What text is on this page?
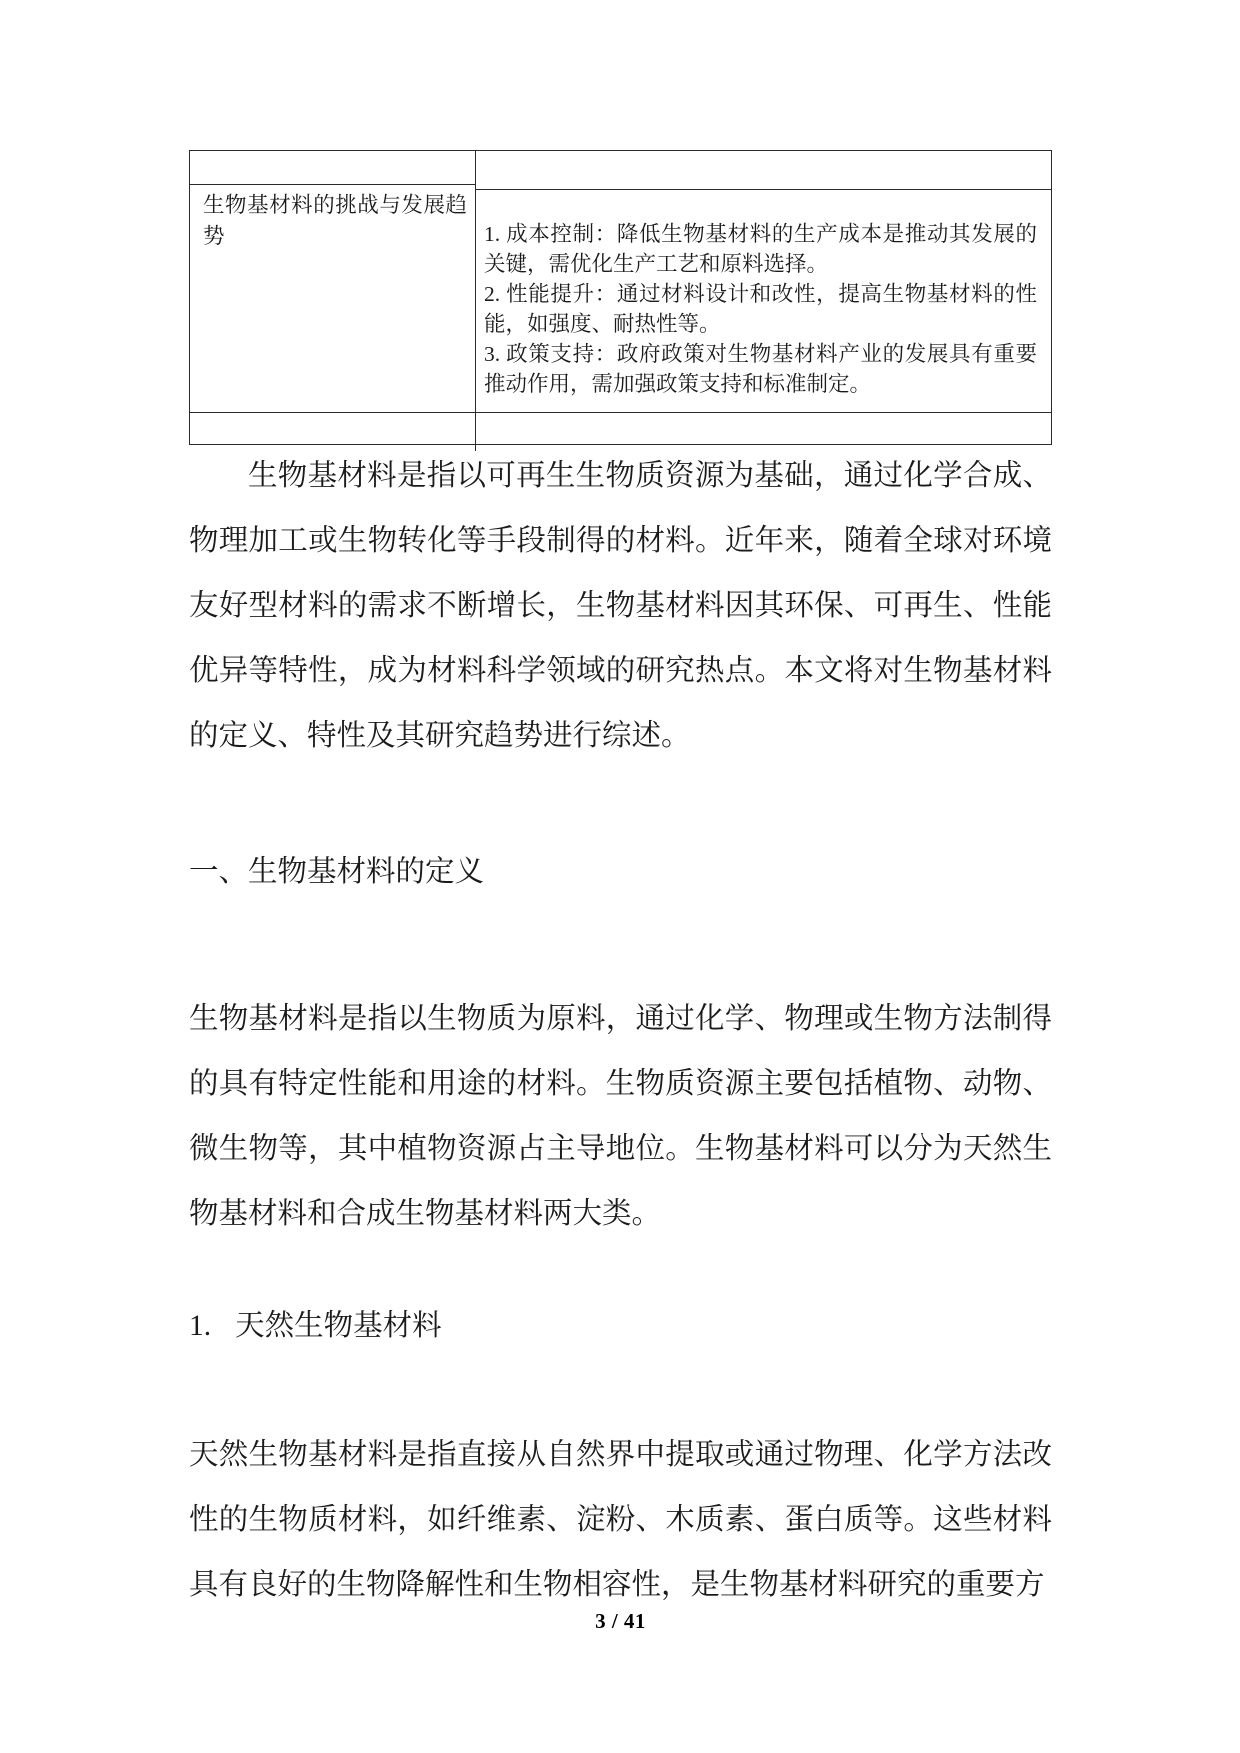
生物基材料的挑战与发展趋势	1. 成本控制：降低生物基材料的生产成本是推动其发展的关键，需优化生产工艺和原料选择。
2. 性能提升：通过材料设计和改性，提高生物基材料的性能，如强度、耐热性等。
3. 政策支持：政府政策对生物基材料产业的发展具有重要推动作用，需加强政策支持和标准制定。
生物基材料是指以可再生生物质资源为基础，通过化学合成、物理加工或生物转化等手段制得的材料。近年来，随着全球对环境友好型材料的需求不断增长，生物基材料因其环保、可再生、性能优异等特性，成为材料科学领域的研究热点。本文将对生物基材料的定义、特性及其研究趋势进行综述。
一、生物基材料的定义
生物基材料是指以生物质为原料，通过化学、物理或生物方法制得的具有特定性能和用途的材料。生物质资源主要包括植物、动物、微生物等，其中植物资源占主导地位。生物基材料可以分为天然生物基材料和合成生物基材料两大类。
1. 天然生物基材料
天然生物基材料是指直接从自然界中提取或通过物理、化学方法改性的生物质材料，如纤维素、淀粉、木质素、蛋白质等。这些材料具有良好的生物降解性和生物相容性，是生物基材料研究的重要方
3 / 41
